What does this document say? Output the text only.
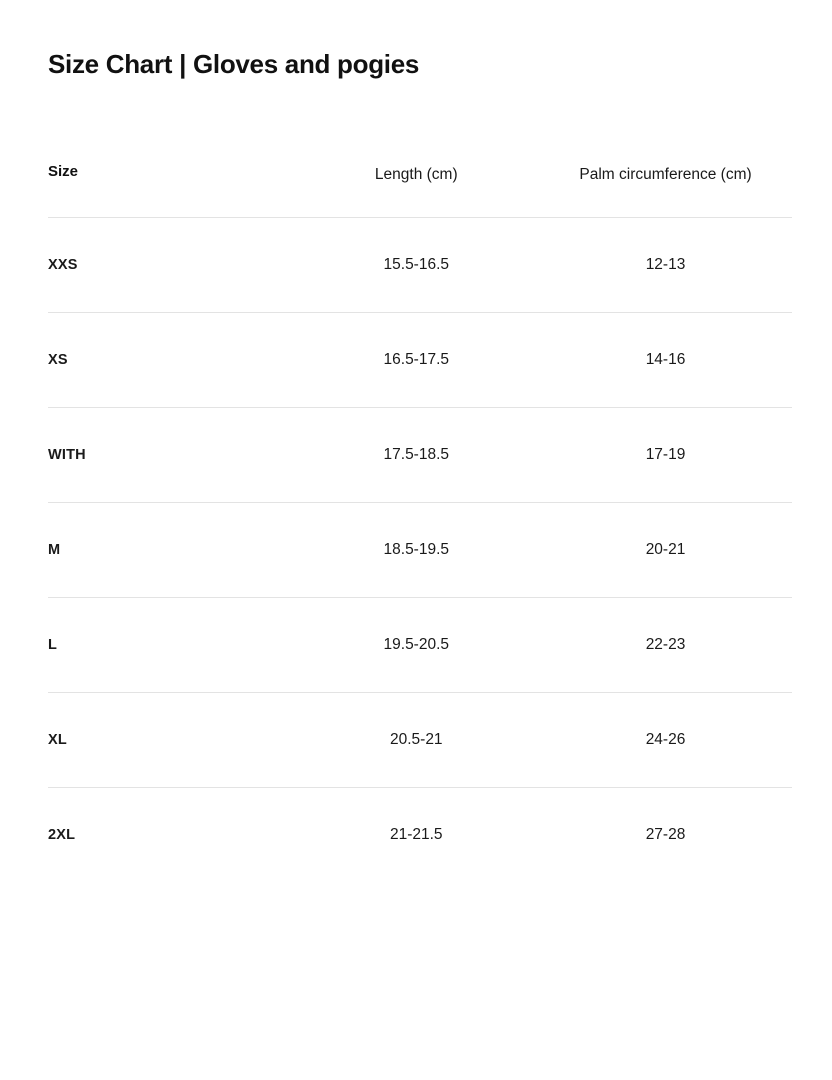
Size Chart | Gloves and pogies
Size	Length (cm)	Palm circumference (cm)
XXS	15.5-16.5	12-13
XS	16.5-17.5	14-16
WITH	17.5-18.5	17-19
M	18.5-19.5	20-21
L	19.5-20.5	22-23
XL	20.5-21	24-26
2XL	21-21.5	27-28
